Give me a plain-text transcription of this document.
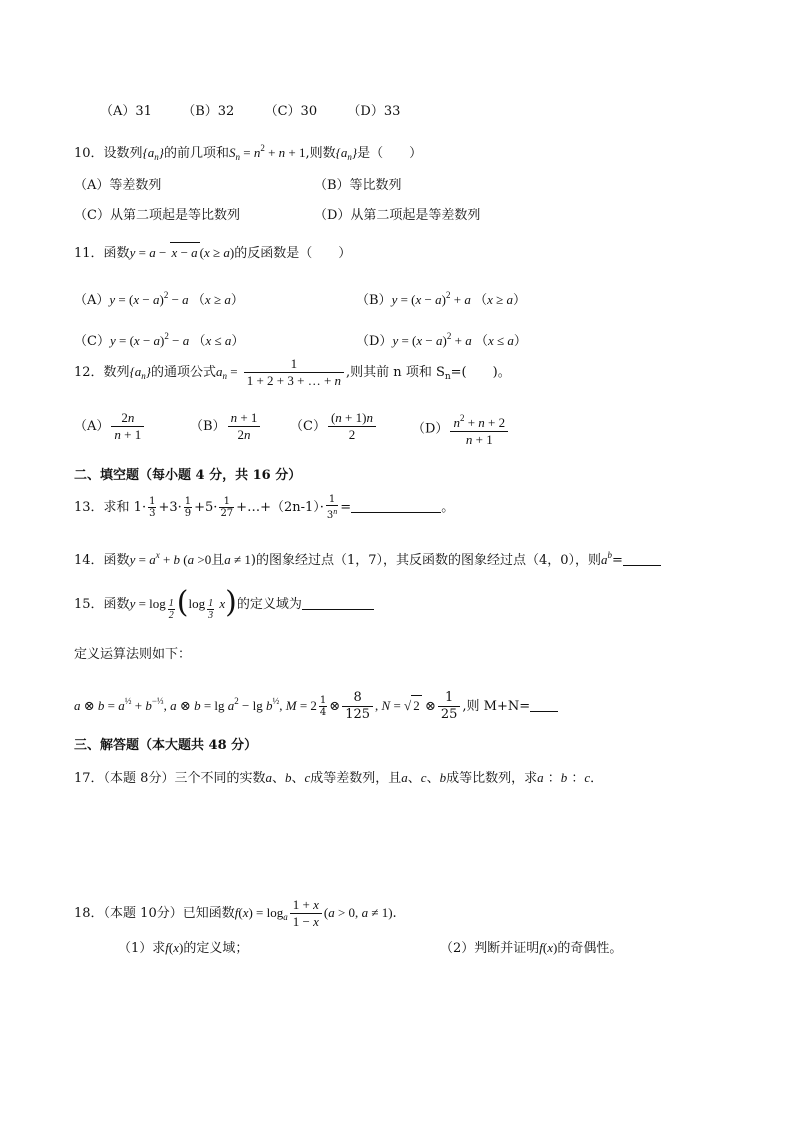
（A）31 （B）32 （C）30 （D）33
10．设数列$\{a_n\}$的前几项和$S_n = n^2 + n + 1$,则数$\{a_n\}$是（　　）
（A）等差数列	（B）等比数列
（C）从第二项起是等比数列	（D）从第二项起是等差数列
11．函数y = a − x − a (x ≥ a)的反函数是（　　）
$(A)y = (x - a)^2 - a$ （x ≥ a）	$(B)y = (x - a)^2 + a$ （x ≥ a）
$(C)y = (x - a)^2 - a$ （x ≤ a）	$(D)y = (x - a)^2 + a$ （x ≤ a）
12．数列$\{a_n\}$的通项公式$a_n = \frac{1}{1 + 2 + 3 + \dots + n}$ ,则其前 n 项和 $S_n=$(　　)。
$(A) \frac{2n}{n + 1}$	$(B) \frac{n + 1}{2n} (C) \frac{(n + 1)n}{2}$	$(D) \frac{n^2 + n + 2}{n + 1}$
二、填空题（每小题 4 分，共 16 分）
13．求和 $1\cdot \frac{1}{3} +3\cdot \frac{1}{9} +5\cdot \frac{1}{27}$ +…+（2n-1）· $\frac{1}{3^n}$ =	。
14．函数$y = a^x + b$ (a >0且a ≠ 1)的图象经过点（1，7），其反函数的图象经过点（4，0），则$a^b=$
15．函数$y = \log \frac{1}{2} (\log \frac{1}{3} x)$的定义域为
定义运算法则如下：
a ⊗ $b = a^{\frac{1}{2}} + b^{-\frac{1}{3}}$, a ⊗ $b = \lg a^2 - \lg b^{\frac{1}{2}}$, $M = 2 \frac{1}{4}$ ⊗ $\frac{8}{125}$ , N = √ 2 ⊗ $\frac{1}{25}$ ,则 M+N=
三、解答题（本大题共 48 分）
17．（本题 8分）三个不同的实数a、b、c成等差数列，且a、c、b成等比数列，求a ：b ：c．
18．（本题 10分）已知函数$f(x) = \log_a \frac{1 + x}{1 - x} (a > 0$, a ≠ 1).
（1）求f(x)的定义域；	（2）判断并证明f(x)的奇偶性。
